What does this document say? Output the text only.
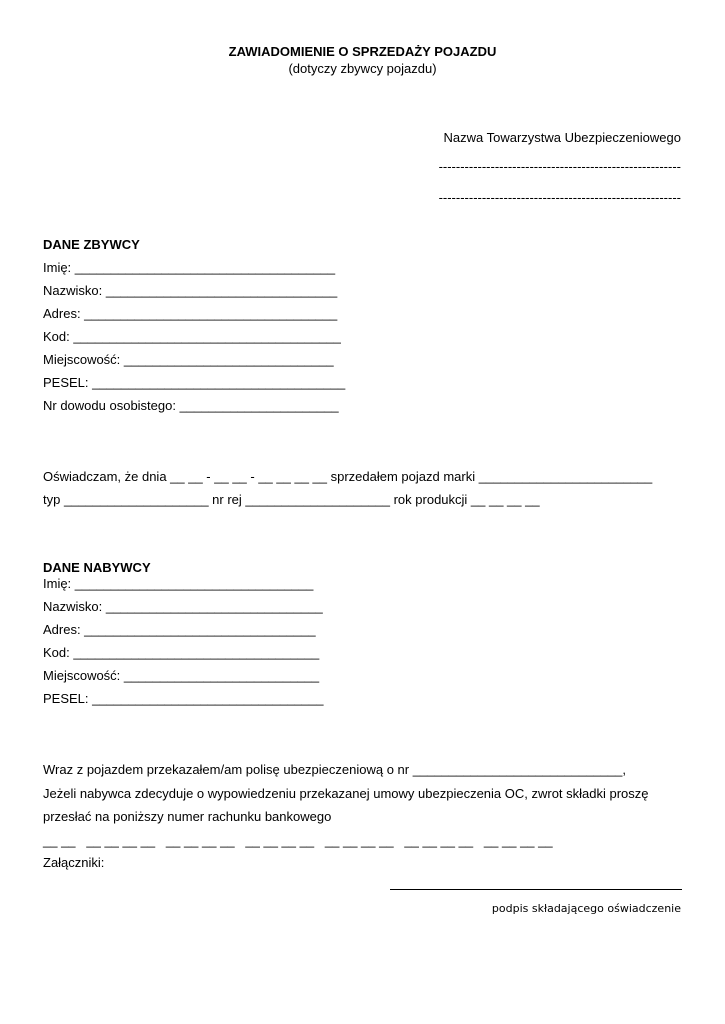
ZAWIADOMIENIE O SPRZEDAŻY POJAZDU
(dotyczy zbywcy pojazdu)
Nazwa Towarzystwa Ubezpieczeniowego
--------------------------------------------------------
--------------------------------------------------------
DANE ZBYWCY
Imię: ____________________________________
Nazwisko: ________________________________
Adres: ___________________________________
Kod: _____________________________________
Miejscowość: _____________________________
PESEL: ___________________________________
Nr dowodu osobistego: ______________________
Oświadczam, że dnia __ __ - __ __ - __ __ __ __ sprzedałem pojazd marki ________________________
typ ____________________ nr rej ____________________ rok produkcji __ __ __ __
DANE NABYWCY
Imię: _________________________________
Nazwisko: ______________________________
Adres: ________________________________
Kod: __________________________________
Miejscowość: ___________________________
PESEL: ________________________________
Wraz z pojazdem przekazałem/am polisę ubezpieczeniową o nr _____________________________,
Jeżeli nabywca zdecyduje o wypowiedzeniu przekazanej umowy ubezpieczenia OC, zwrot składki proszę
przesłać na poniższy numer rachunku bankowego
__ __   __ __ __ __   __ __ __ __   __ __ __ __   __ __ __ __   __ __ __ __   __ __ __ __
Załączniki:
podpis składającego oświadczenie
